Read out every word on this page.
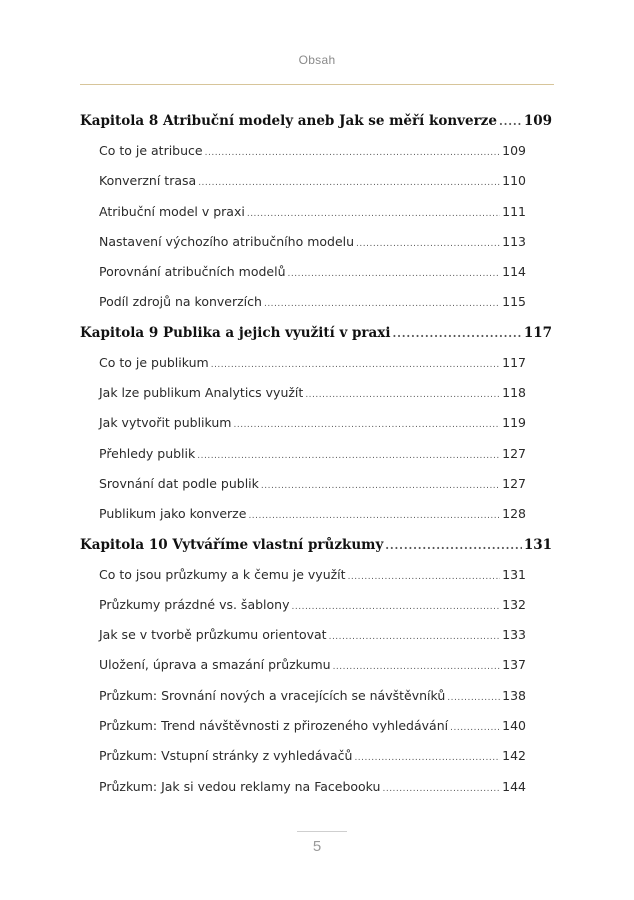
Obsah
Kapitola 8 Atribuční modely aneb Jak se měří konverze ..... 109
Co to je atribuce .....	109
Konverzní trasa .....	110
Atribuční model v praxi .....	111
Nastavení výchozího atribučního modelu .....	113
Porovnání atribučních modelů .....	114
Podíl zdrojů na konverzích .....	115
Kapitola 9 Publika a jejich využití v praxi .....	117
Co to je publikum .....	117
Jak lze publikum Analytics využít .....	118
Jak vytvořit publikum .....	119
Přehledy publik .....	127
Srovnání dat podle publik .....	127
Publikum jako konverze .....	128
Kapitola 10 Vytváříme vlastní průzkumy .....	131
Co to jsou průzkumy a k čemu je využít .....	131
Průzkumy prázdné vs. šablony .....	132
Jak se v tvorbě průzkumu orientovat .....	133
Uložení, úprava a smazání průzkumu .....	137
Průzkum: Srovnání nových a vracejících se návštěvníků .....	138
Průzkum: Trend návštěvnosti z přirozeného vyhledávání .....	140
Průzkum: Vstupní stránky z vyhledávačů .....	142
Průzkum: Jak si vedou reklamy na Facebooku .....	144
5
